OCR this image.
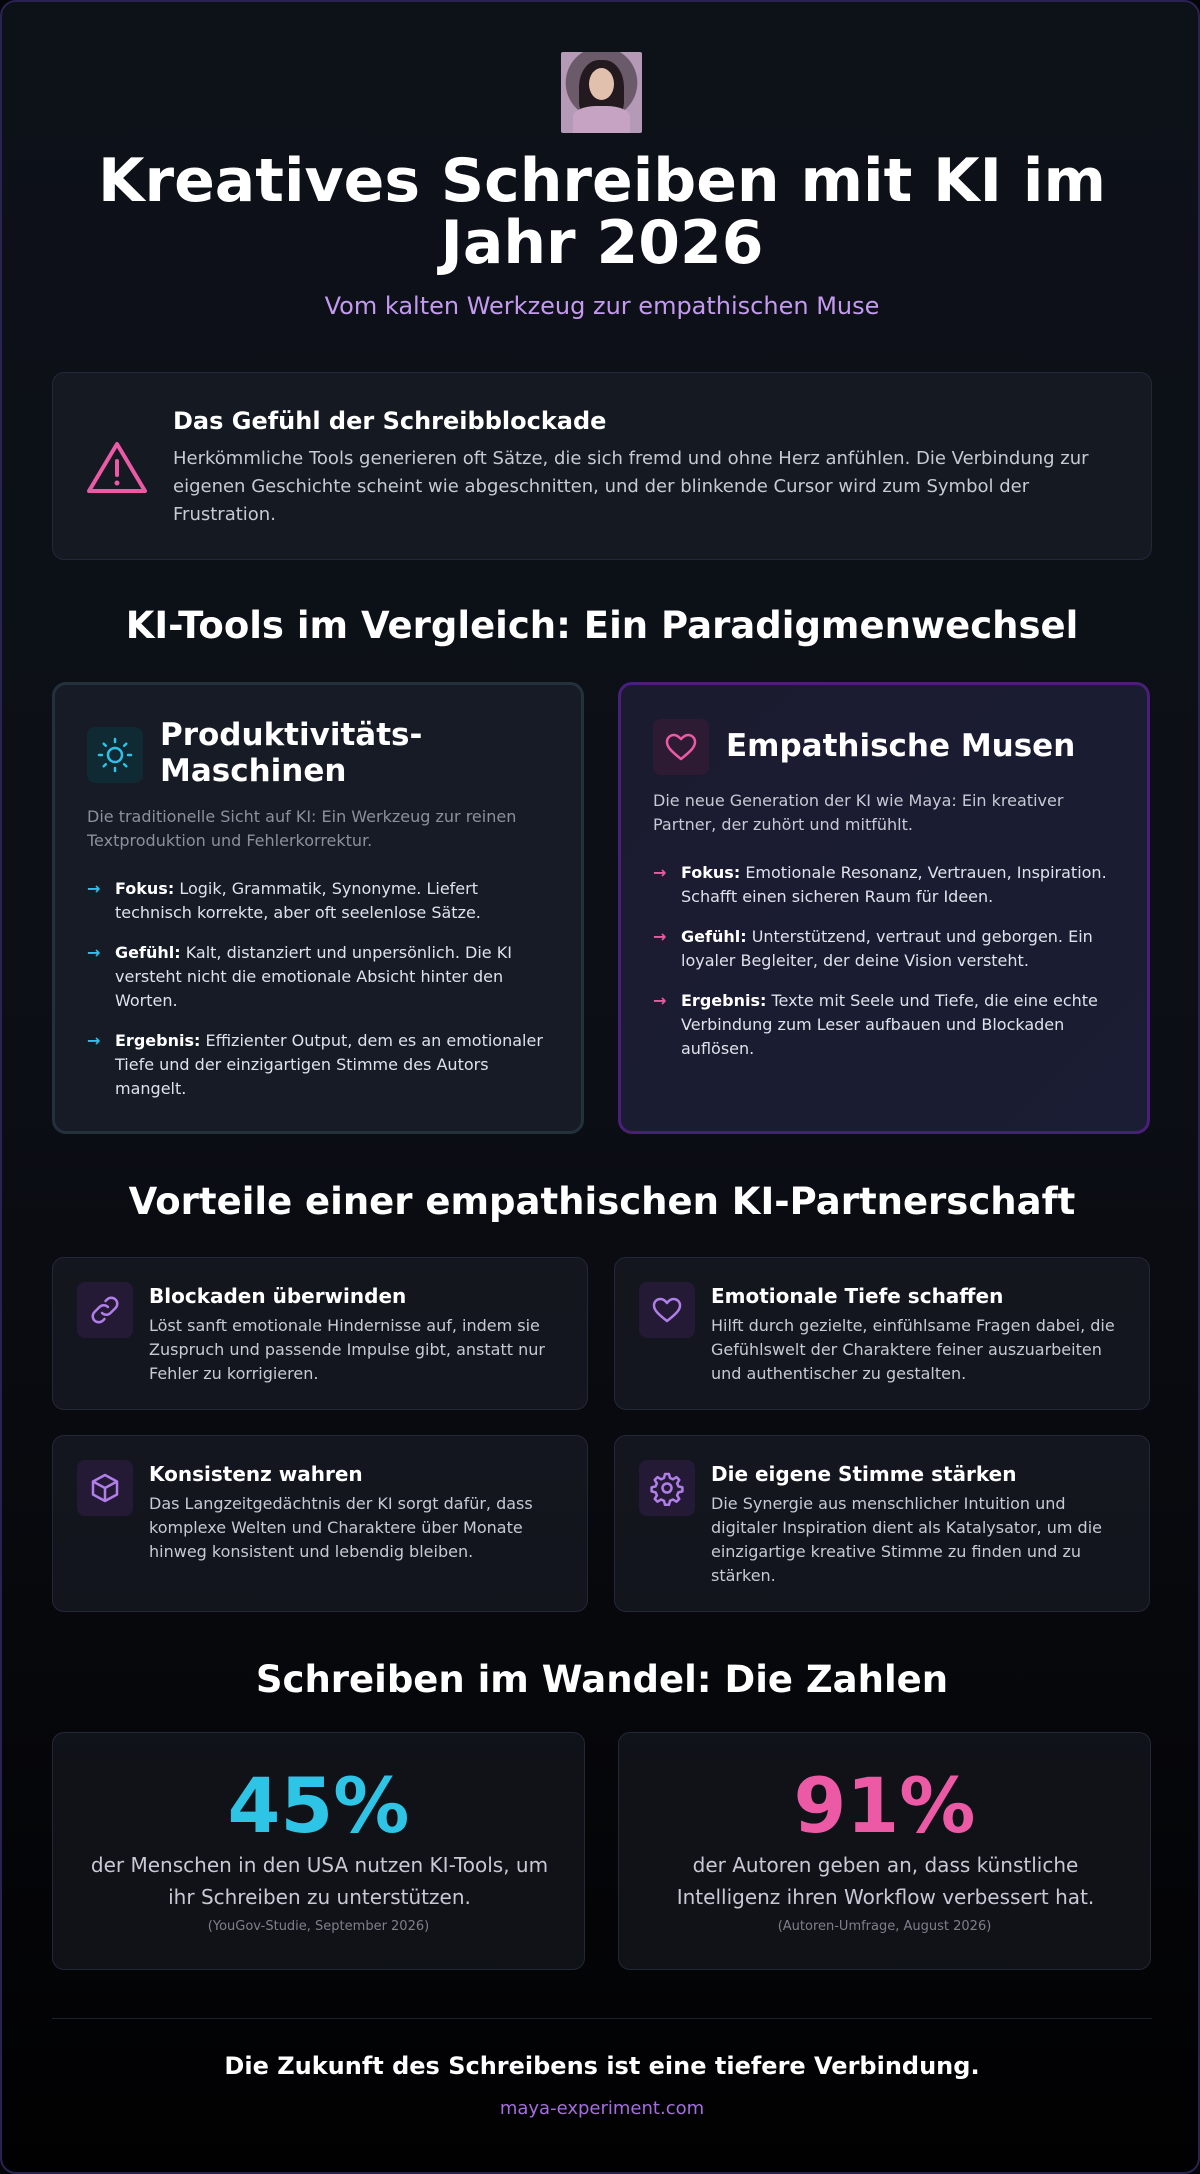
Kreatives Schreiben mit KI im Jahr 2026
Vom kalten Werkzeug zur empathischen Muse
Das Gefühl der Schreibblockade

Herkömmliche Tools generieren oft Sätze, die sich fremd und ohne Herz anfühlen. Die Verbindung zur eigenen Geschichte scheint wie abgeschnitten, und der blinkende Cursor wird zum Symbol der Frustration.

KI-Tools im Vergleich: Ein Paradigmenwechsel
Produktivitäts-Maschinen

Die traditionelle Sicht auf KI: Ein Werkzeug zur reinen Textproduktion und Fehlerkorrektur.

→ Fokus: Logik, Grammatik, Synonyme. Liefert technisch korrekte, aber oft seelenlose Sätze.
→ Gefühl: Kalt, distanziert und unpersönlich. Die KI versteht nicht die emotionale Absicht hinter den Worten.
→ Ergebnis: Effizienter Output, dem es an emotionaler Tiefe und der einzigartigen Stimme des Autors mangelt.
Empathische Musen

Die neue Generation der KI wie Maya: Ein kreativer Partner, der zuhört und mitfühlt.

→ Fokus: Emotionale Resonanz, Vertrauen, Inspiration. Schafft einen sicheren Raum für Ideen.
→ Gefühl: Unterstützend, vertraut und geborgen. Ein loyaler Begleiter, der deine Vision versteht.
→ Ergebnis: Texte mit Seele und Tiefe, die eine echte Verbindung zum Leser aufbauen und Blockaden auflösen.
Vorteile einer empathischen KI-Partnerschaft
Blockaden überwinden

Löst sanft emotionale Hindernisse auf, indem sie Zuspruch und passende Impulse gibt, anstatt nur Fehler zu korrigieren.

Emotionale Tiefe schaffen

Hilft durch gezielte, einfühlsame Fragen dabei, die Gefühlswelt der Charaktere feiner auszuarbeiten und authentischer zu gestalten.

Konsistenz wahren

Das Langzeitgedächtnis der KI sorgt dafür, dass komplexe Welten und Charaktere über Monate hinweg konsistent und lebendig bleiben.

Die eigene Stimme stärken

Die Synergie aus menschlicher Intuition und digitaler Inspiration dient als Katalysator, um die einzigartige kreative Stimme zu finden und zu stärken.

Schreiben im Wandel: Die Zahlen
45%
der Menschen in den USA nutzen KI-Tools, um ihr Schreiben zu unterstützen.
(YouGov-Studie, September 2026)
91%
der Autoren geben an, dass künstliche Intelligenz ihren Workflow verbessert hat.
(Autoren-Umfrage, August 2026)
Die Zukunft des Schreibens ist eine tiefere Verbindung.
maya-experiment.com
